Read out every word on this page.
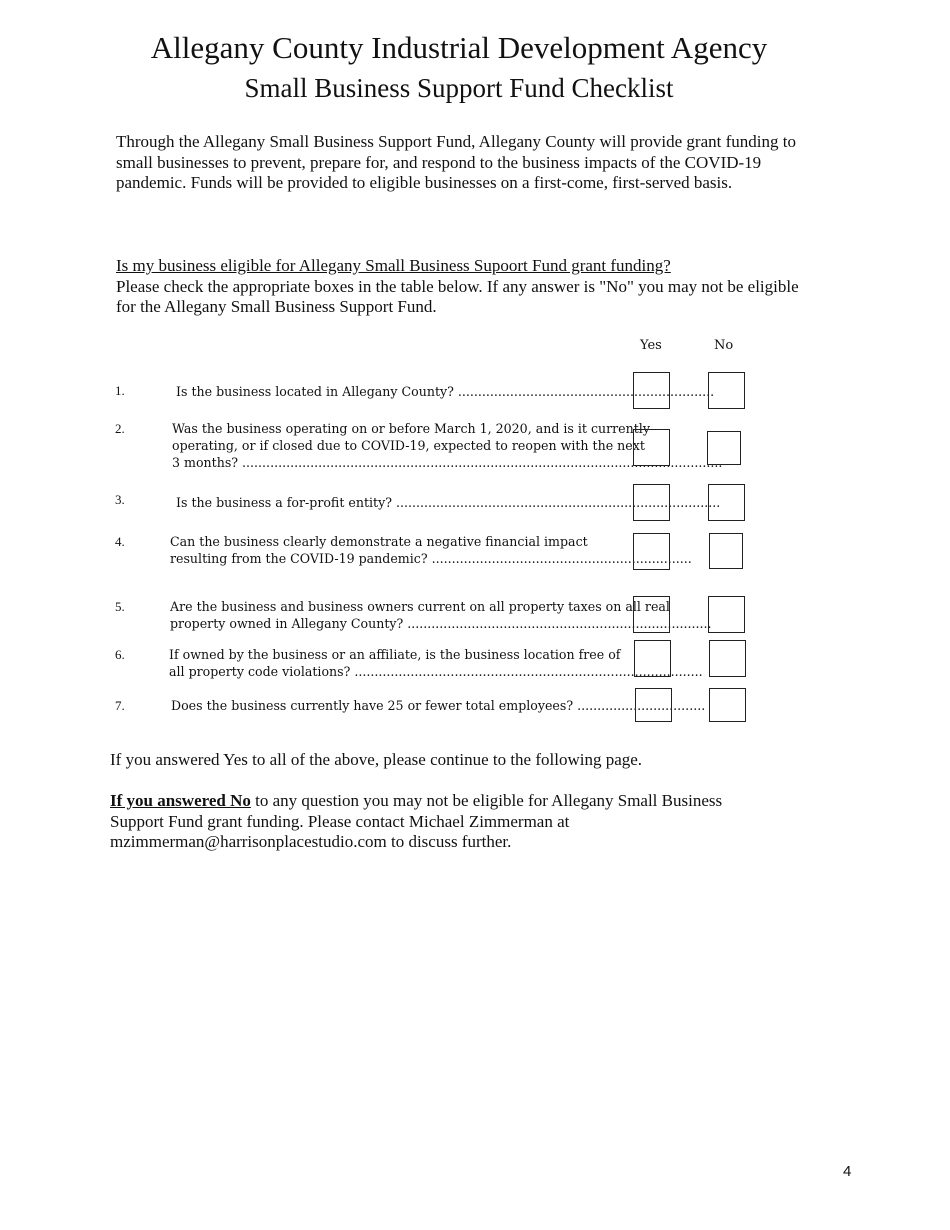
Allegany County Industrial Development Agency
Small Business Support Fund Checklist
Through the Allegany Small Business Support Fund, Allegany County will provide grant funding to small businesses to prevent, prepare for, and respond to the business impacts of the COVID-19 pandemic. Funds will be provided to eligible businesses on a first-come, first-served basis.
Is my business eligible for Allegany Small Business Supoort Fund grant funding?
Please check the appropriate boxes in the table below. If any answer is "No" you may not be eligible for the Allegany Small Business Support Fund.
Yes	No
1.	Is the business located in Allegany County? ................................................................
2.	Was the business operating on or before March 1, 2020, and is it currently
operating, or if closed due to COVID-19, expected to reopen with the next
3 months? ........................................................................................................................
3.	Is the business a for-profit entity? .................................................................................
4.	Can the business clearly demonstrate a negative financial impact
resulting from the COVID-19 pandemic? .................................................................
5.	Are the business and business owners current on all property taxes on all real
property owned in Allegany County? ............................................................................
6.	If owned by the business or an affiliate, is the business location free of
all property code violations? .......................................................................................
7.	Does the business currently have 25 or fewer total employees? ................................
If you answered Yes to all of the above, please continue to the following page.
If you answered No to any question you may not be eligible for Allegany Small Business Support Fund grant funding. Please contact Michael Zimmerman at mzimmerman@harrisonplacestudio.com to discuss further.
4
